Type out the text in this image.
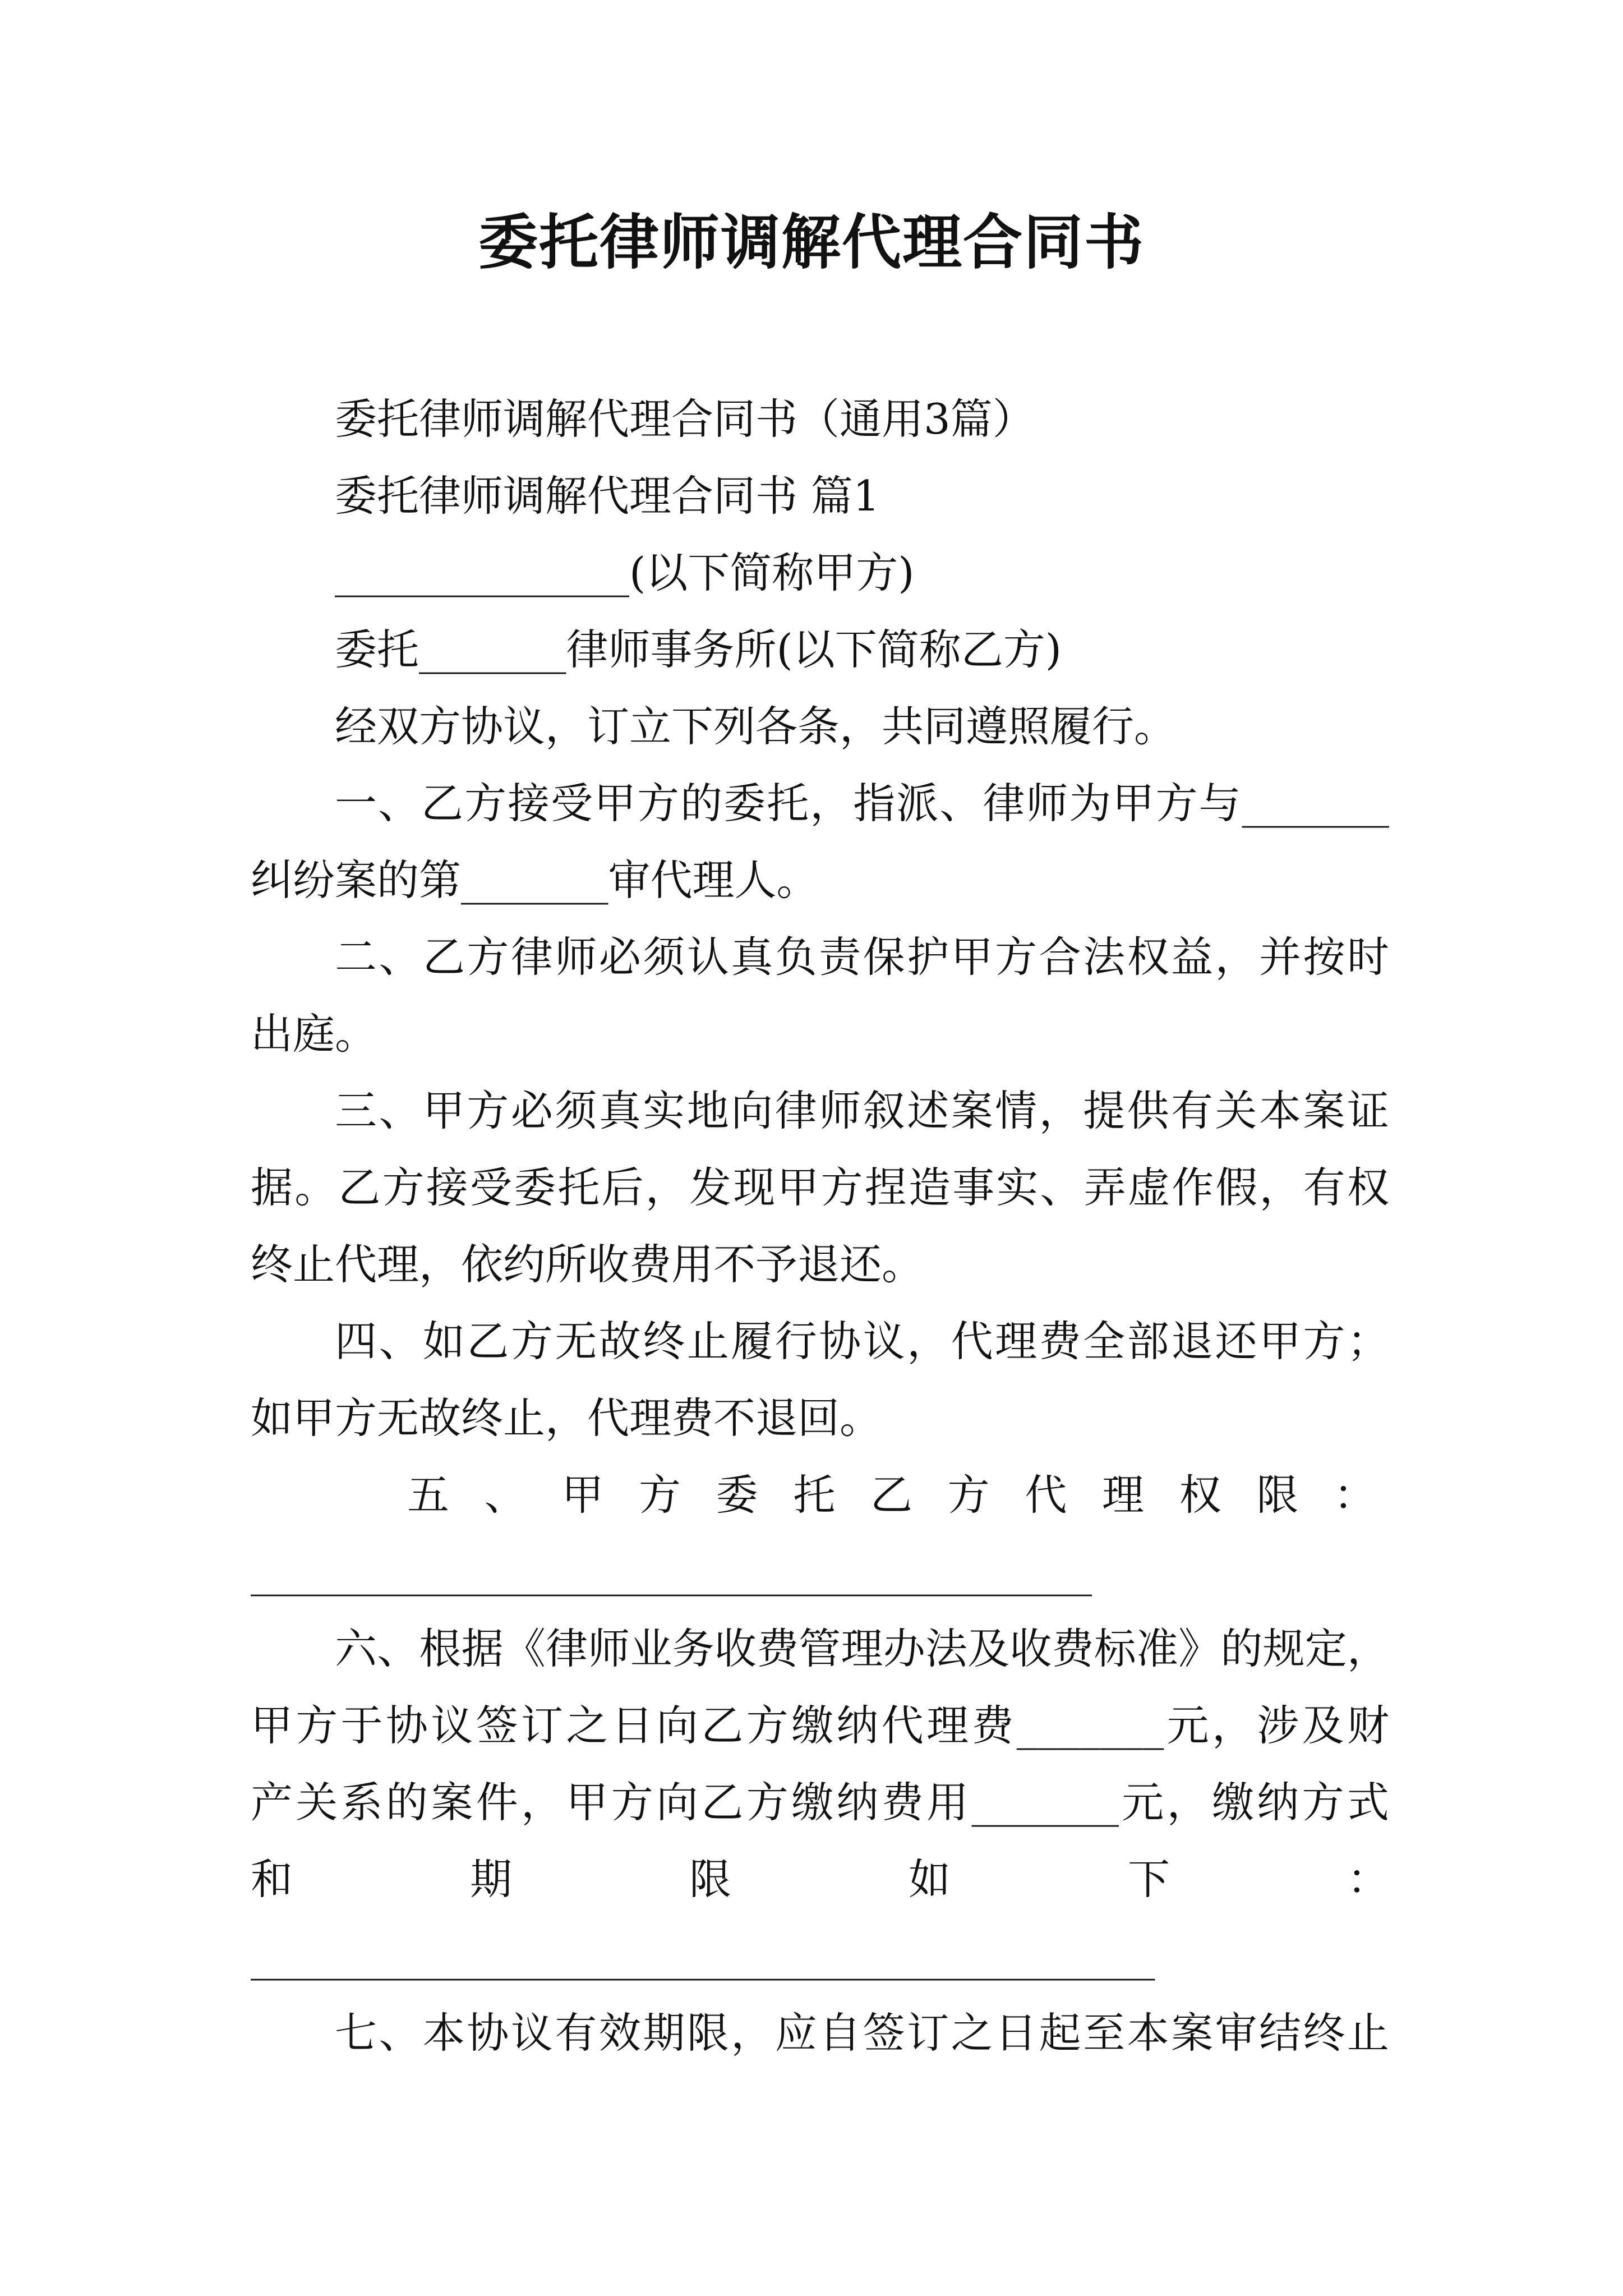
委托律师调解代理合同书
委托律师调解代理合同书（通用3篇）
委托律师调解代理合同书 篇1
______________(以下简称甲方)
委托_______律师事务所(以下简称乙方)
经双方协议，订立下列各条，共同遵照履行。
一、乙方接受甲方的委托，指派、律师为甲方与_______
纠纷案的第_______审代理人。
二、乙方律师必须认真负责保护甲方合法权益，并按时
出庭。
三、甲方必须真实地向律师叙述案情，提供有关本案证
据。乙方接受委托后，发现甲方捏造事实、弄虚作假，有权
终止代理，依约所收费用不予退还。
四、如乙方无故终止履行协议，代理费全部退还甲方；
如甲方无故终止，代理费不退回。
五、甲方委托乙方代理权限：
________________________________________
六、根据《律师业务收费管理办法及收费标准》的规定，
甲方于协议签订之日向乙方缴纳代理费_______元，涉及财
产关系的案件，甲方向乙方缴纳费用_______元，缴纳方式
和期限如下：
___________________________________________
七、本协议有效期限，应自签订之日起至本案审结终止
